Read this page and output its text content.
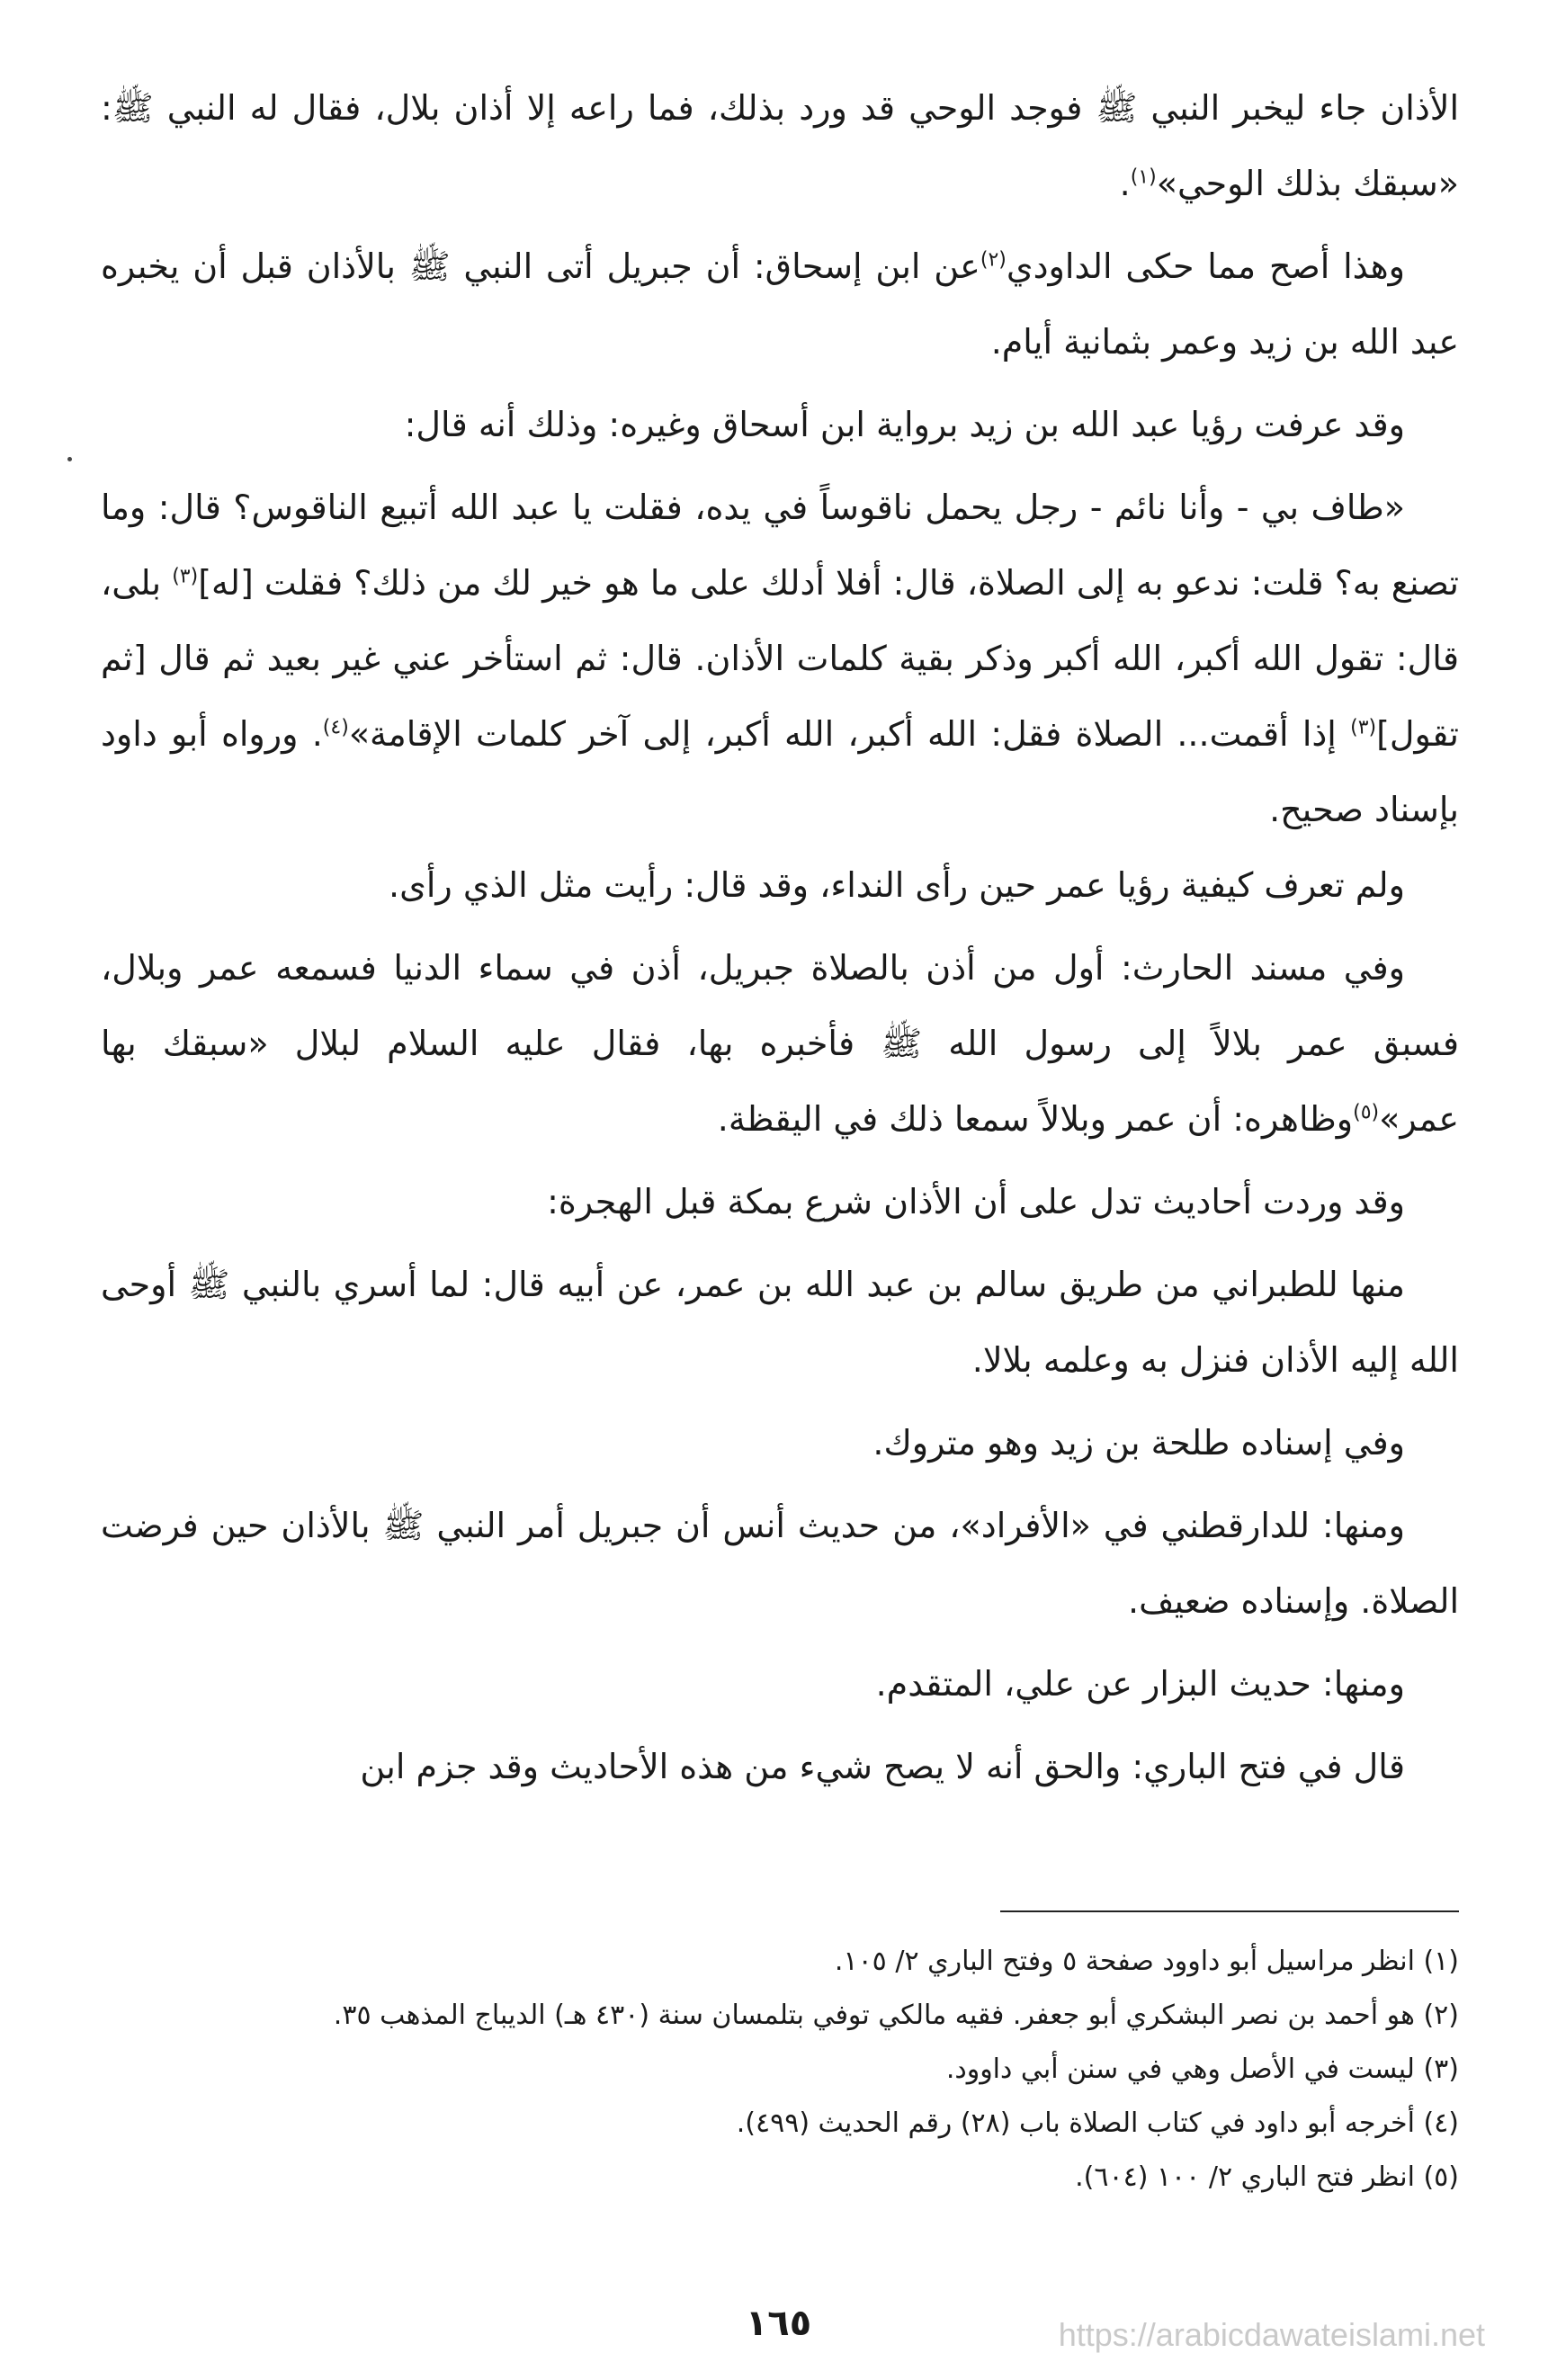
الأذان جاء ليخبر النبي ﷺ فوجد الوحي قد ورد بذلك، فما راعه إلا أذان بلال، فقال له النبي ﷺ: «سبقك بذلك الوحي»$^{(١)}$.

وهذا أصح مما حكى الداودي$^{(٢)}$عن ابن إسحاق: أن جبريل أتى النبي ﷺ بالأذان قبل أن يخبره عبد الله بن زيد وعمر بثمانية أيام.

وقد عرفت رؤيا عبد الله بن زيد برواية ابن أسحاق وغيره: وذلك أنه قال:

«طاف بي - وأنا نائم - رجل يحمل ناقوساً في يده، فقلت يا عبد الله أتبيع الناقوس؟ قال: وما تصنع به؟ قلت: ندعو به إلى الصلاة، قال: أفلا أدلك على ما هو خير لك من ذلك؟ فقلت [له]$^{(٣)}$ بلى، قال: تقول الله أكبر، الله أكبر وذكر بقية كلمات الأذان. قال: ثم استأخر عني غير بعيد ثم قال [ثم تقول]$^{(٣)}$ إذا أقمت... الصلاة فقل: الله أكبر، الله أكبر، إلى آخر كلمات الإقامة»$^{(٤)}$. ورواه أبو داود بإسناد صحيح.

ولم تعرف كيفية رؤيا عمر حين رأى النداء، وقد قال: رأيت مثل الذي رأى.

وفي مسند الحارث: أول من أذن بالصلاة جبريل، أذن في سماء الدنيا فسمعه عمر وبلال، فسبق عمر بلالاً إلى رسول الله ﷺ فأخبره بها، فقال عليه السلام لبلال «سبقك بها عمر»$^{(٥)}$وظاهره: أن عمر وبلالاً سمعا ذلك في اليقظة.

وقد وردت أحاديث تدل على أن الأذان شرع بمكة قبل الهجرة:

منها للطبراني من طريق سالم بن عبد الله بن عمر، عن أبيه قال: لما أسري بالنبي ﷺ أوحى الله إليه الأذان فنزل به وعلمه بلالا.

وفي إسناده طلحة بن زيد وهو متروك.

ومنها: للدارقطني في «الأفراد»، من حديث أنس أن جبريل أمر النبي ﷺ بالأذان حين فرضت الصلاة. وإسناده ضعيف.

ومنها: حديث البزار عن علي، المتقدم.

قال في فتح الباري: والحق أنه لا يصح شيء من هذه الأحاديث وقد جزم ابن

(١) انظر مراسيل أبو داوود صفحة ٥ وفتح الباري ٢/ ١٠٥.

(٢) هو أحمد بن نصر البشكري أبو جعفر. فقيه مالكي توفي بتلمسان سنة (٤٣٠ هـ) الديباج المذهب ٣٥.

(٣) ليست في الأصل وهي في سنن أبي داوود.

(٤) أخرجه أبو داود في كتاب الصلاة باب (٢٨) رقم الحديث (٤٩٩).

(٥) انظر فتح الباري ٢/ ١٠٠ (٦٠٤).

١٦٥	https://arabicdawateislami.net
